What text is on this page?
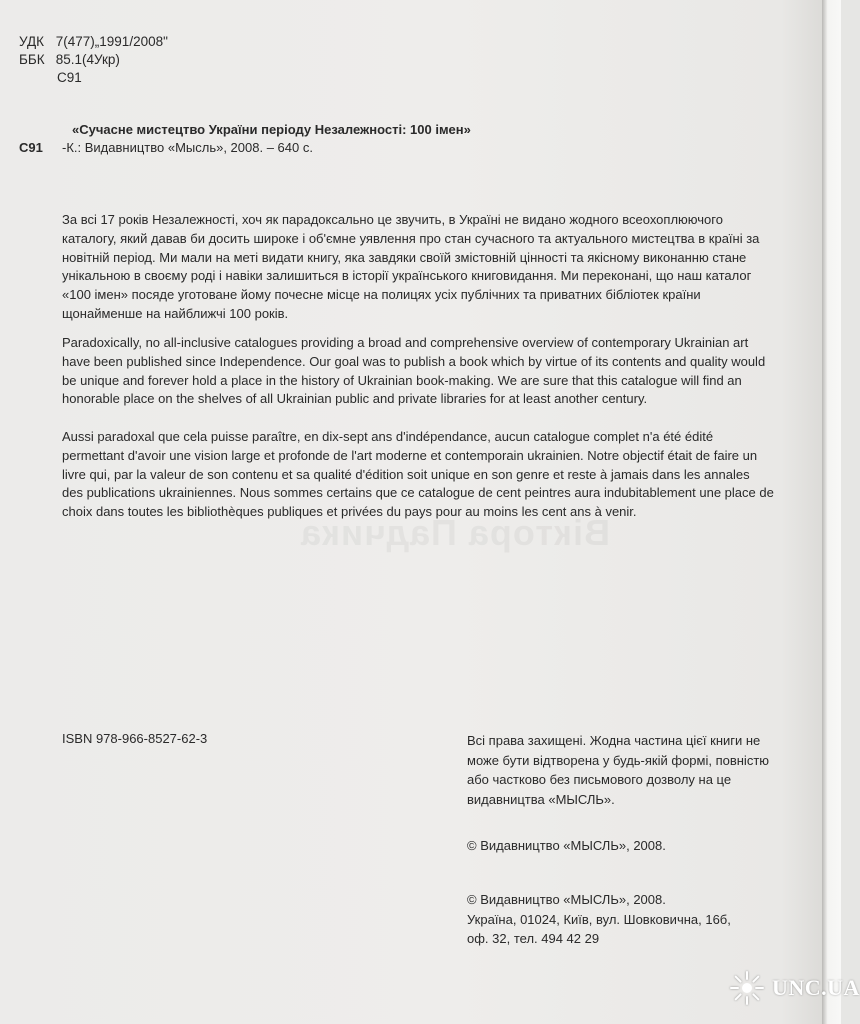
УДК 7(477)„1991/2008"
ББК 85.1(4Укр)
С91
«Сучасне мистецтво України періоду Незалежності: 100 імен»
С91 -К.: Видавництво «Мысль», 2008. – 640 с.

За всі 17 років Незалежності, хоч як парадоксально це звучить, в Україні не видано жодного всеохоплюючого каталогу, який давав би досить широке і об'ємне уявлення про стан сучасного та актуального мистецтва в країні за новітній період. Ми мали на меті видати книгу, яка завдяки своїй змістовній цінності та якісному виконанню стане унікальною в своєму роді і навіки залишиться в історії українського книговидання. Ми переконані, що наш каталог «100 імен» посяде уготоване йому почесне місце на полицях усіх публічних та приватних бібліотек країни щонайменше на найближчі 100 років.

Paradoxically, no all-inclusive catalogues providing a broad and comprehensive overview of contemporary Ukrainian art have been published since Independence. Our goal was to publish a book which by virtue of its contents and quality would be unique and forever hold a place in the history of Ukrainian book-making. We are sure that this catalogue will find an honorable place on the shelves of all Ukrainian public and private libraries for at least another century.

Aussi paradoxal que cela puisse paraître, en dix-sept ans d'indépendance, aucun catalogue complet n'a été édité permettant d'avoir une vision large et profonde de l'art moderne et contemporain ukrainien. Notre objectif était de faire un livre qui, par la valeur de son contenu et sa qualité d'édition soit unique en son genre et reste à jamais dans les annales des publications ukrainiennes. Nous sommes certains que ce catalogue de cent peintres aura indubitablement une place de choix dans toutes les bibliothèques publiques et privées du pays pour au moins les cent ans à venir.

ISBN 978-966-8527-62-3	Всі права захищені. Жодна частина цієї книги не
може бути відтворена у будь-якій формі, повністю
або частково без письмового дозволу на це
видавництва «МЫСЛЬ».
© Видавництво «МЫСЛЬ», 2008.
© Видавництво «МЫСЛЬ», 2008.
Україна, 01024, Київ, вул. Шовковична, 16б,
оф. 32, тел. 494 42 29
UNC.UA
